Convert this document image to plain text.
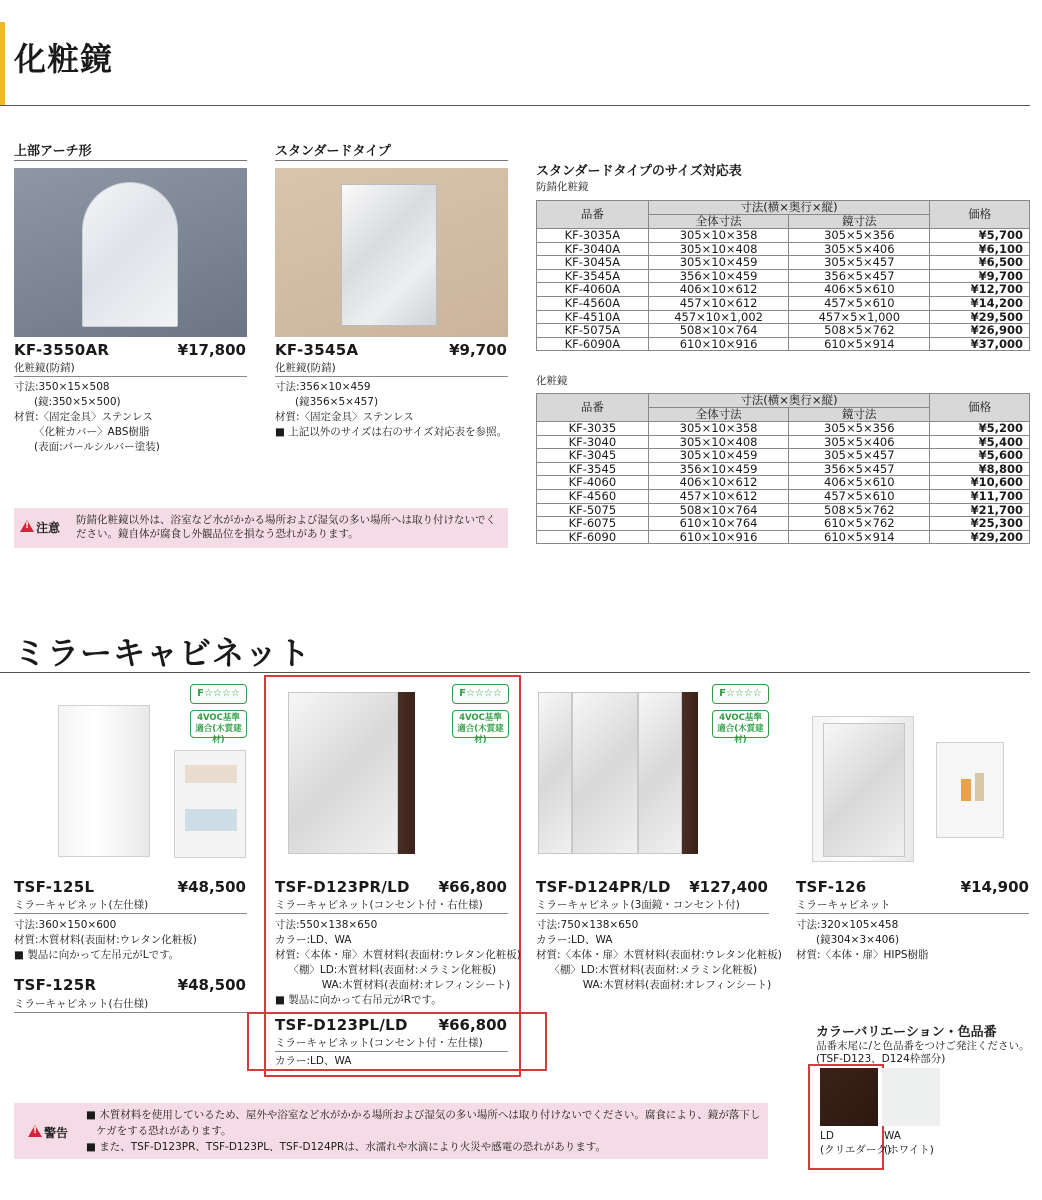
化粧鏡
上部アーチ形
KF-3550AR	¥17,800
化粧鏡(防錆)
寸法:350×15×508
(鏡:350×5×500)
材質:〈固定金具〉ステンレス
〈化粧カバー〉ABS樹脂
(表面:パールシルバー塗装)
スタンダードタイプ
KF-3545A	¥9,700
化粧鏡(防錆)
寸法:356×10×459
(鏡356×5×457)
材質:〈固定金具〉ステンレス
■ 上記以外のサイズは右のサイズ対応表を参照。
! 注意
防錆化粧鏡以外は、浴室など水がかかる場所および湿気の多い場所へは取り付けないでく
ださい。鏡自体が腐食し外観品位を損なう恐れがあります。
スタンダードタイプのサイズ対応表
防錆化粧鏡
品番	寸法(横×奥行×縦)		価格
	全体寸法	鏡寸法	
KF-3035A	305×10×358	305×5×356	¥5,700
KF-3040A	305×10×408	305×5×406	¥6,100
KF-3045A	305×10×459	305×5×457	¥6,500
KF-3545A	356×10×459	356×5×457	¥9,700
KF-4060A	406×10×612	406×5×610	¥12,700
KF-4560A	457×10×612	457×5×610	¥14,200
KF-4510A	457×10×1,002	457×5×1,000	¥29,500
KF-5075A	508×10×764	508×5×762	¥26,900
KF-6090A	610×10×916	610×5×914	¥37,000
化粧鏡
品番	寸法(横×奥行×縦)		価格
	全体寸法	鏡寸法	
KF-3035	305×10×358	305×5×356	¥5,200
KF-3040	305×10×408	305×5×406	¥5,400
KF-3045	305×10×459	305×5×457	¥5,600
KF-3545	356×10×459	356×5×457	¥8,800
KF-4060	406×10×612	406×5×610	¥10,600
KF-4560	457×10×612	457×5×610	¥11,700
KF-5075	508×10×764	508×5×762	¥21,700
KF-6075	610×10×764	610×5×762	¥25,300
KF-6090	610×10×916	610×5×914	¥29,200
ミラーキャビネット
F☆☆☆☆
4VOC基準
適合(木質建材)
TSF-125L	¥48,500
ミラーキャビネット(左仕様)
寸法:360×150×600
材質:木質材料(表面材:ウレタン化粧板)
■ 製品に向かって左吊元がLです。
TSF-125R	¥48,500
ミラーキャビネット(右仕様)
F☆☆☆☆
4VOC基準
適合(木質建材)
TSF-D123PR/LD	¥66,800
ミラーキャビネット(コンセント付・右仕様)
寸法:550×138×650
カラー:LD、WA
材質:〈本体・扉〉木質材料(表面材:ウレタン化粧板)
〈棚〉LD:木質材料(表面材:メラミン化粧板)
WA:木質材料(表面材:オレフィンシート)
■ 製品に向かって右吊元がRです。
TSF-D123PL/LD	¥66,800
ミラーキャビネット(コンセント付・左仕様)
カラー:LD、WA
F☆☆☆☆
4VOC基準
適合(木質建材)
TSF-D124PR/LD	¥127,400
ミラーキャビネット(3面鏡・コンセント付)
寸法:750×138×650
カラー:LD、WA
材質:〈本体・扉〉木質材料(表面材:ウレタン化粧板)
〈棚〉LD:木質材料(表面材:メラミン化粧板)
WA:木質材料(表面材:オレフィンシート)
TSF-126	¥14,900
ミラーキャビネット
寸法:320×105×458
(鏡304×3×406)
材質:〈本体・扉〉HIPS樹脂
カラーバリエーション・色品番
品番末尾に/と色品番をつけご発注ください。
(TSF-D123、D124枠部分)
LD
(クリエダーク)
WA
(ホワイト)
! 警告
■ 木質材料を使用しているため、屋外や浴室など水がかかる場所および湿気の多い場所へは取り付けないでください。腐食により、鏡が落下し
ケガをする恐れがあります。
■ また、TSF-D123PR、TSF-D123PL、TSF-D124PRは、水濡れや水滴により火災や感電の恐れがあります。
